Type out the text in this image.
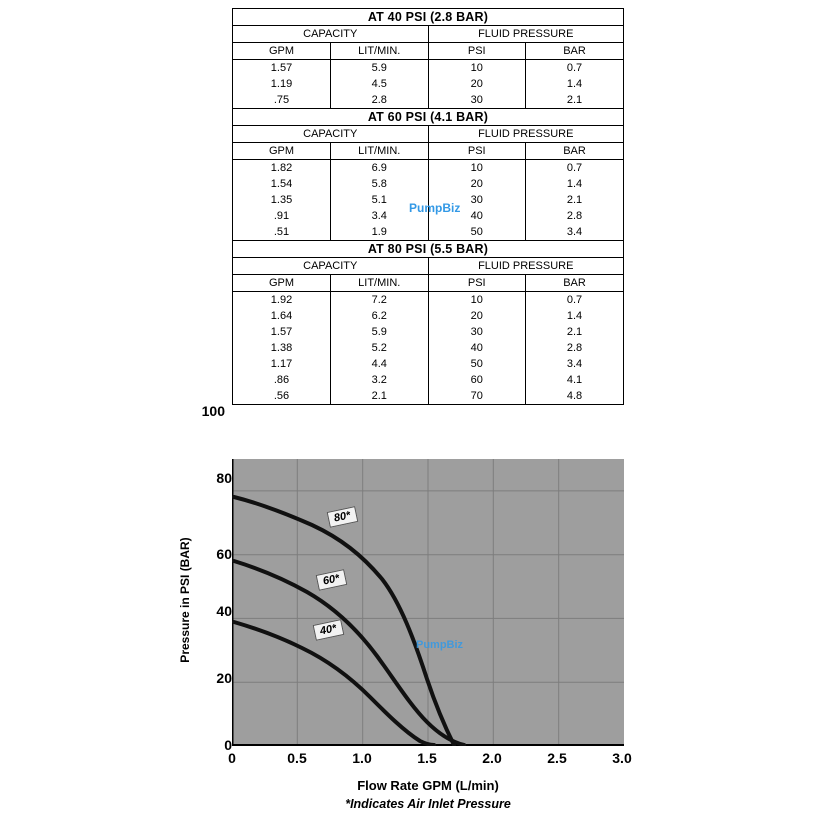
AT 40 PSI (2.8 BAR)			
CAPACITY		FLUID PRESSURE	
GPM	LIT/MIN.	PSI	BAR
1.57	5.9	10	0.7
1.19	4.5	20	1.4
.75	2.8	30	2.1
AT 60 PSI (4.1 BAR)			
CAPACITY		FLUID PRESSURE	
GPM	LIT/MIN.	PSI	BAR
1.82	6.9	10	0.7
1.54	5.8	20	1.4
1.35	5.1	30	2.1
.91	3.4	40	2.8
.51	1.9	50	3.4
AT 80 PSI (5.5 BAR)			
CAPACITY		FLUID PRESSURE	
GPM	LIT/MIN.	PSI	BAR
1.92	7.2	10	0.7
1.64	6.2	20	1.4
1.57	5.9	30	2.1
1.38	5.2	40	2.8
1.17	4.4	50	3.4
.86	3.2	60	4.1
.56	2.1	70	4.8
PumpBiz
Pressure in PSI (BAR)
100
80
60
40
20
0
0	0.5	1.0	1.5	2.0	2.5	3.0
80*
60*
40*
PumpBiz
Flow Rate GPM (L/min)
*Indicates Air Inlet Pressure
